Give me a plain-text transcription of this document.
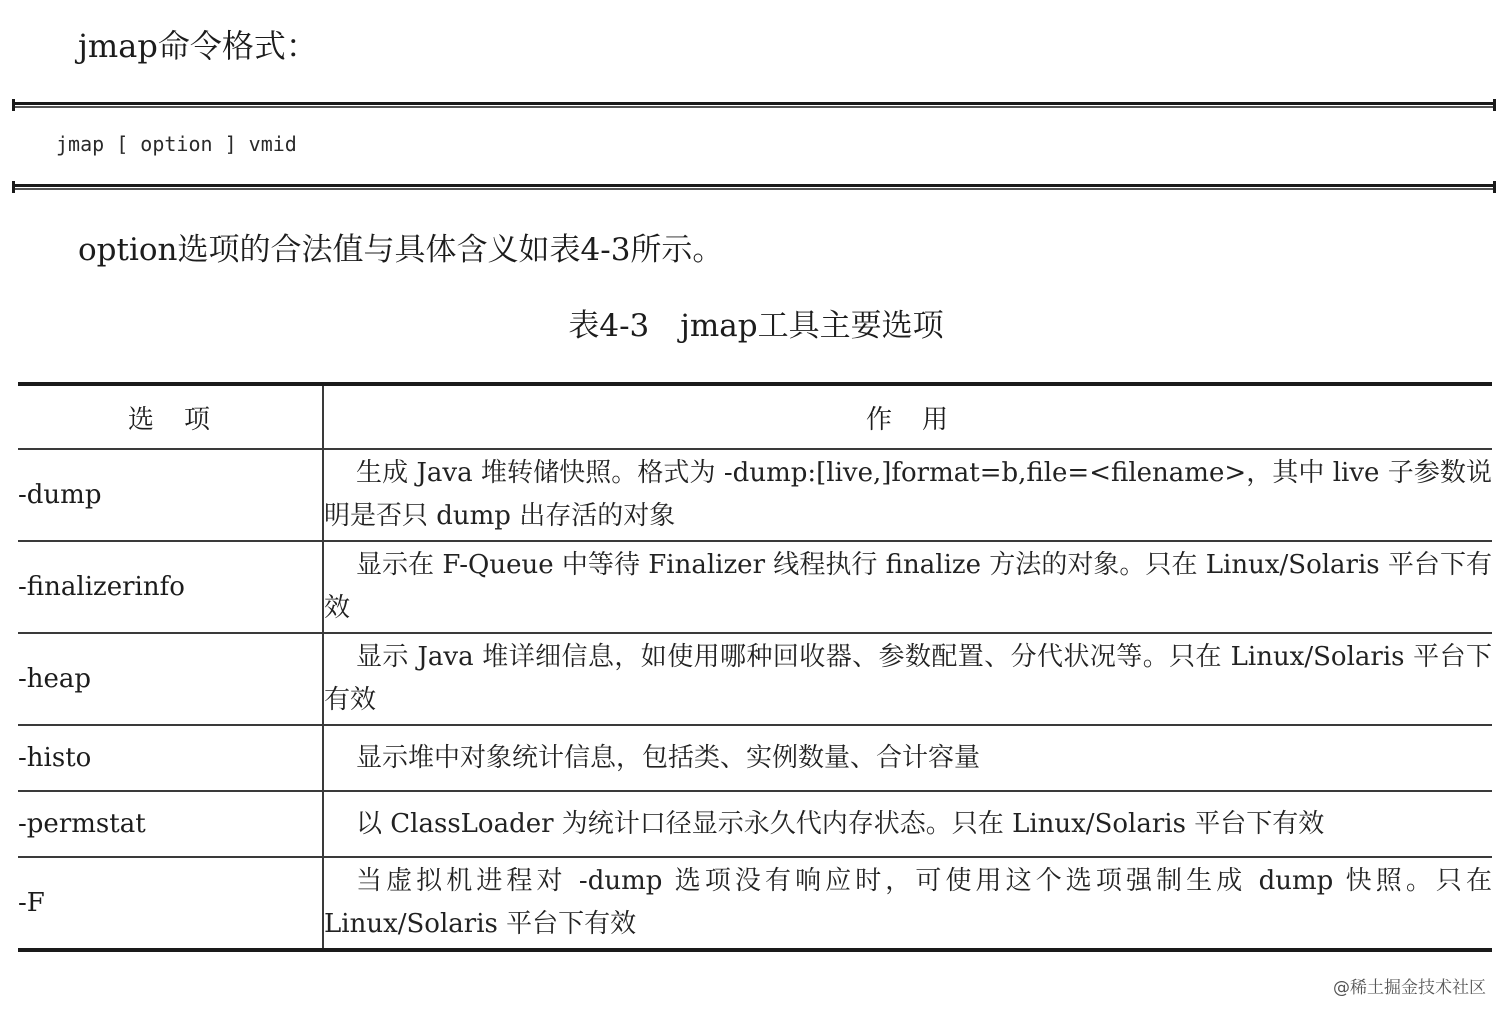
jmap命令格式：
jmap [ option ] vmid
option选项的合法值与具体含义如表4-3所示。
表4-3　jmap工具主要选项
选　项	作　用
-dump	生成 Java 堆转储快照。格式为 -dump:[live,]format=b,file=<filename>，其中 live 子参数说明是否只 dump 出存活的对象
-finalizerinfo	显示在 F-Queue 中等待 Finalizer 线程执行 finalize 方法的对象。只在 Linux/Solaris 平台下有效
-heap	显示 Java 堆详细信息，如使用哪种回收器、参数配置、分代状况等。只在 Linux/Solaris 平台下有效
-histo	显示堆中对象统计信息，包括类、实例数量、合计容量
-permstat	以 ClassLoader 为统计口径显示永久代内存状态。只在 Linux/Solaris 平台下有效
-F	当虚拟机进程对 -dump 选项没有响应时，可使用这个选项强制生成 dump 快照。只在 Linux/Solaris 平台下有效
@稀土掘金技术社区
